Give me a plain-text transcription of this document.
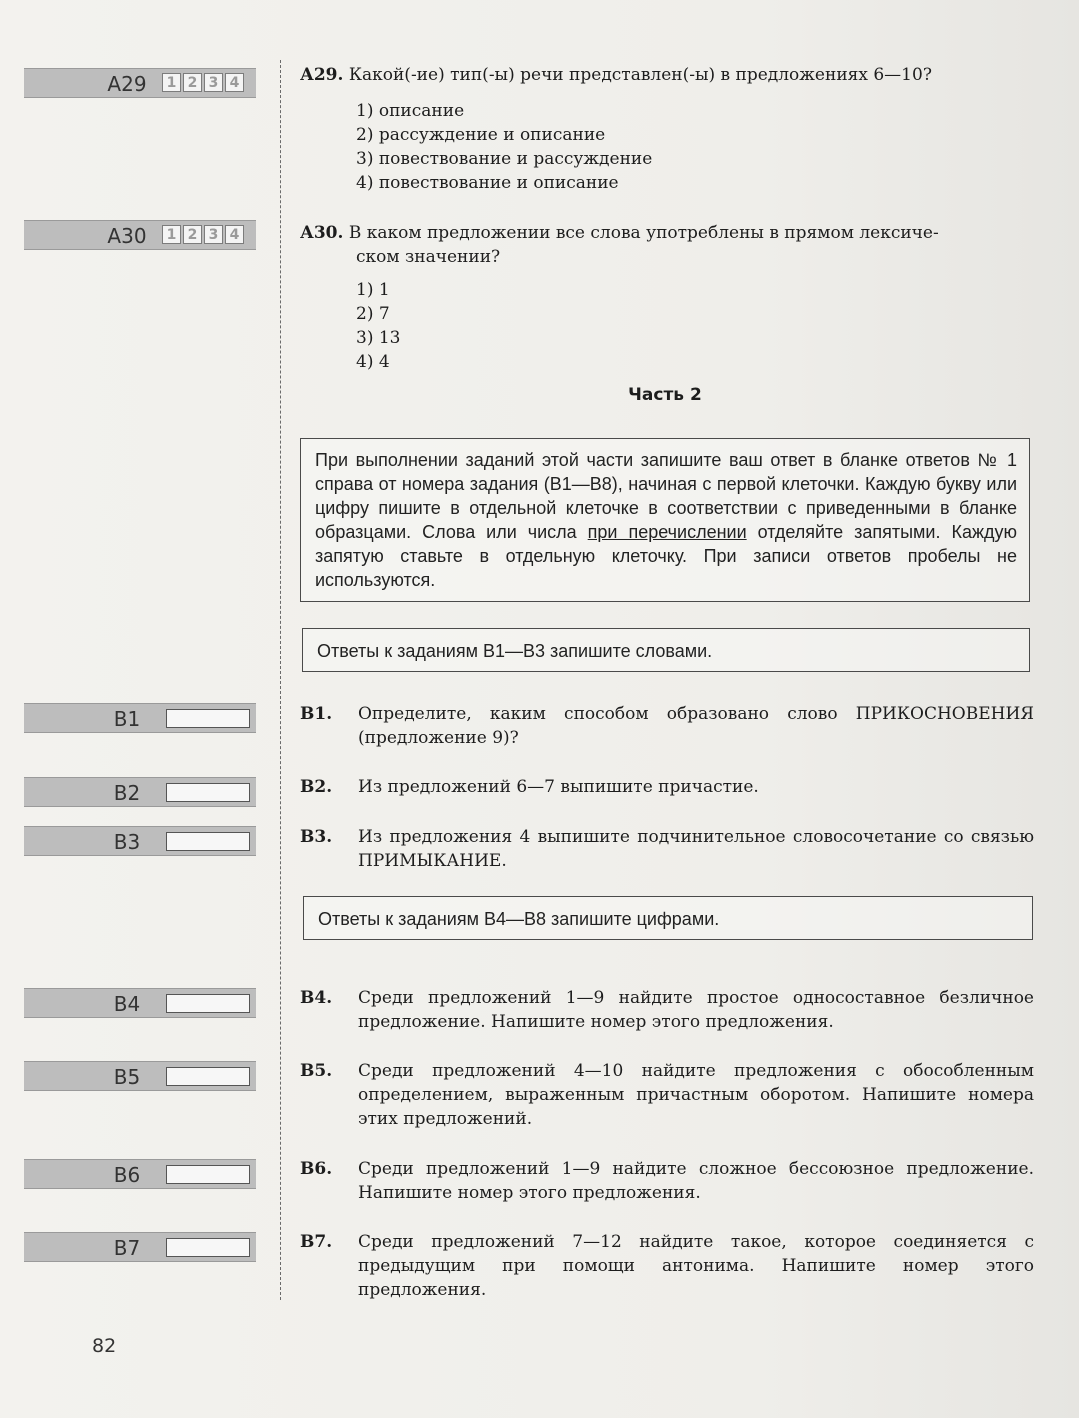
А29	1 2 3 4
А30	1 2 3 4
В1
В2
В3
В4
В5
В6
В7
А29. Какой(-ие) тип(-ы) речи представлен(-ы) в предложениях 6—10?
1) описание
2) рассуждение и описание
3) повествование и рассуждение
4) повествование и описание
А30. В каком предложении все слова употреблены в прямом лексиче-
ском значении?
1) 1
2) 7
3) 13
4) 4
Часть 2
При выполнении заданий этой части запишите ваш ответ в бланке ответов № 1 справа от номера задания (В1—В8), начиная с первой клеточки. Каждую букву или цифру пишите в отдельной клеточке в соответствии с приведенными в бланке образцами. Слова или числа при перечислении отделяйте запятыми. Каждую запятую ставьте в отдельную клеточку. При записи ответов пробелы не используются.
Ответы к заданиям В1—В3 запишите словами.
В1.	Определите, каким способом образовано слово ПРИКОСНОВЕНИЯ (предложение 9)?
В2.	Из предложений 6—7 выпишите причастие.
В3.	Из предложения 4 выпишите подчинительное словосочетание со связью ПРИМЫКАНИЕ.
Ответы к заданиям В4—В8 запишите цифрами.
В4.	Среди предложений 1—9 найдите простое односоставное безличное предложение. Напишите номер этого предложения.
В5.	Среди предложений 4—10 найдите предложения с обособленным определением, выраженным причастным оборотом. Напишите номера этих предложений.
В6.	Среди предложений 1—9 найдите сложное бессоюзное предложение. Напишите номер этого предложения.
В7.	Среди предложений 7—12 найдите такое, которое соединяется с предыдущим при помощи антонима. Напишите номер этого предложения.
82
